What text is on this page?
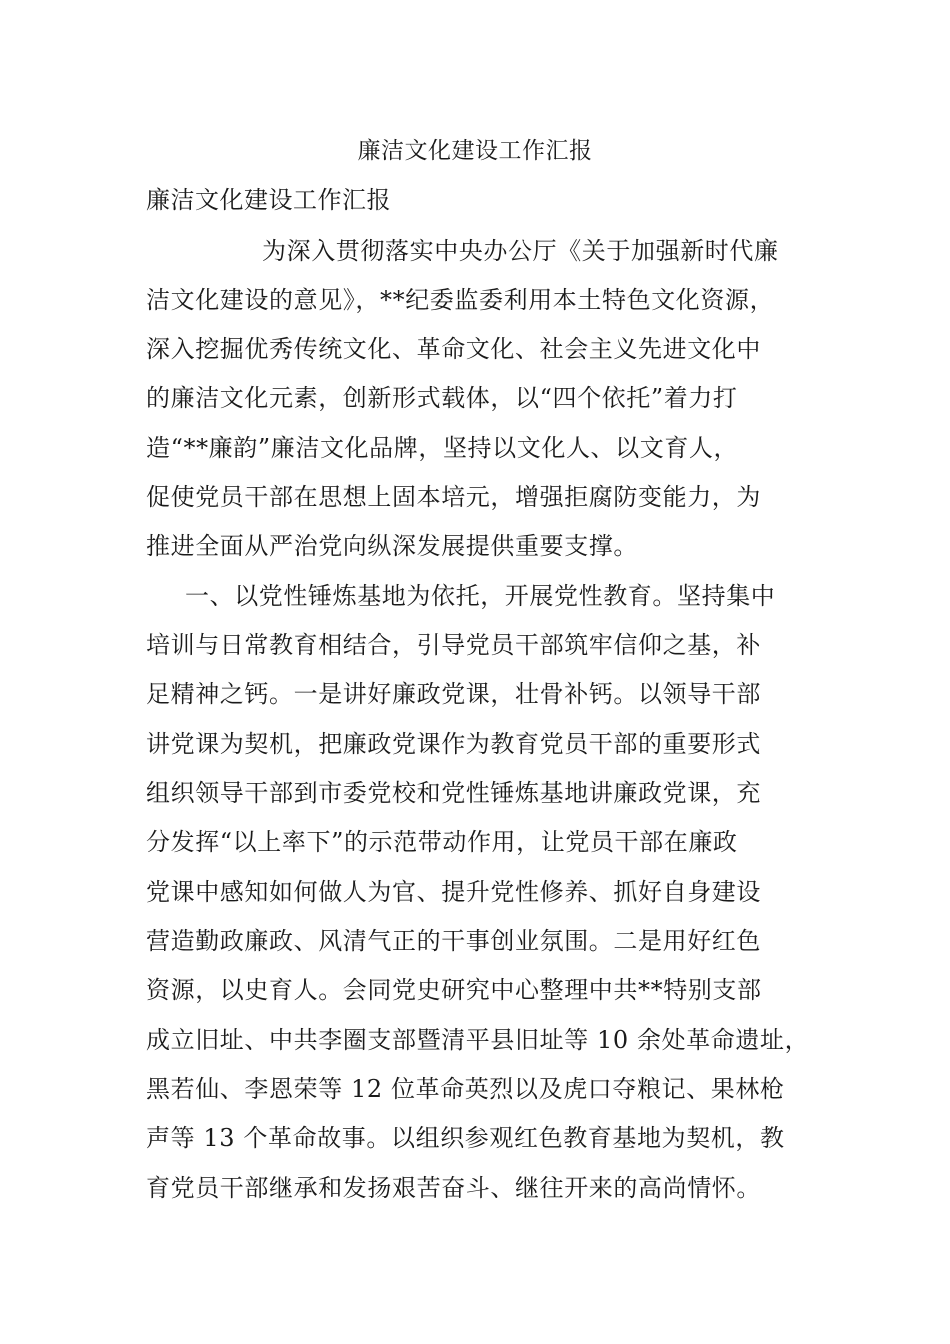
廉洁文化建设工作汇报
廉洁文化建设工作汇报
为深入贯彻落实中央办公厅《关于加强新时代廉
洁文化建设的意见》，**纪委监委利用本土特色文化资源，
深入挖掘优秀传统文化、革命文化、社会主义先进文化中
的廉洁文化元素，创新形式载体，以“四个依托”着力打
造“**廉韵”廉洁文化品牌，坚持以文化人、以文育人，
促使党员干部在思想上固本培元，增强拒腐防变能力，为
推进全面从严治党向纵深发展提供重要支撑。
一、以党性锤炼基地为依托，开展党性教育。坚持集中
培训与日常教育相结合，引导党员干部筑牢信仰之基，补
足精神之钙。一是讲好廉政党课，壮骨补钙。以领导干部
讲党课为契机，把廉政党课作为教育党员干部的重要形式
组织领导干部到市委党校和党性锤炼基地讲廉政党课，充
分发挥“以上率下”的示范带动作用，让党员干部在廉政
党课中感知如何做人为官、提升党性修养、抓好自身建设
营造勤政廉政、风清气正的干事创业氛围。二是用好红色
资源，以史育人。会同党史研究中心整理中共**特别支部
成立旧址、中共李圈支部暨清平县旧址等 10 余处革命遗址，
黑若仙、李恩荣等 12 位革命英烈以及虎口夺粮记、果林枪
声等 13 个革命故事。以组织参观红色教育基地为契机，教
育党员干部继承和发扬艰苦奋斗、继往开来的高尚情怀。
